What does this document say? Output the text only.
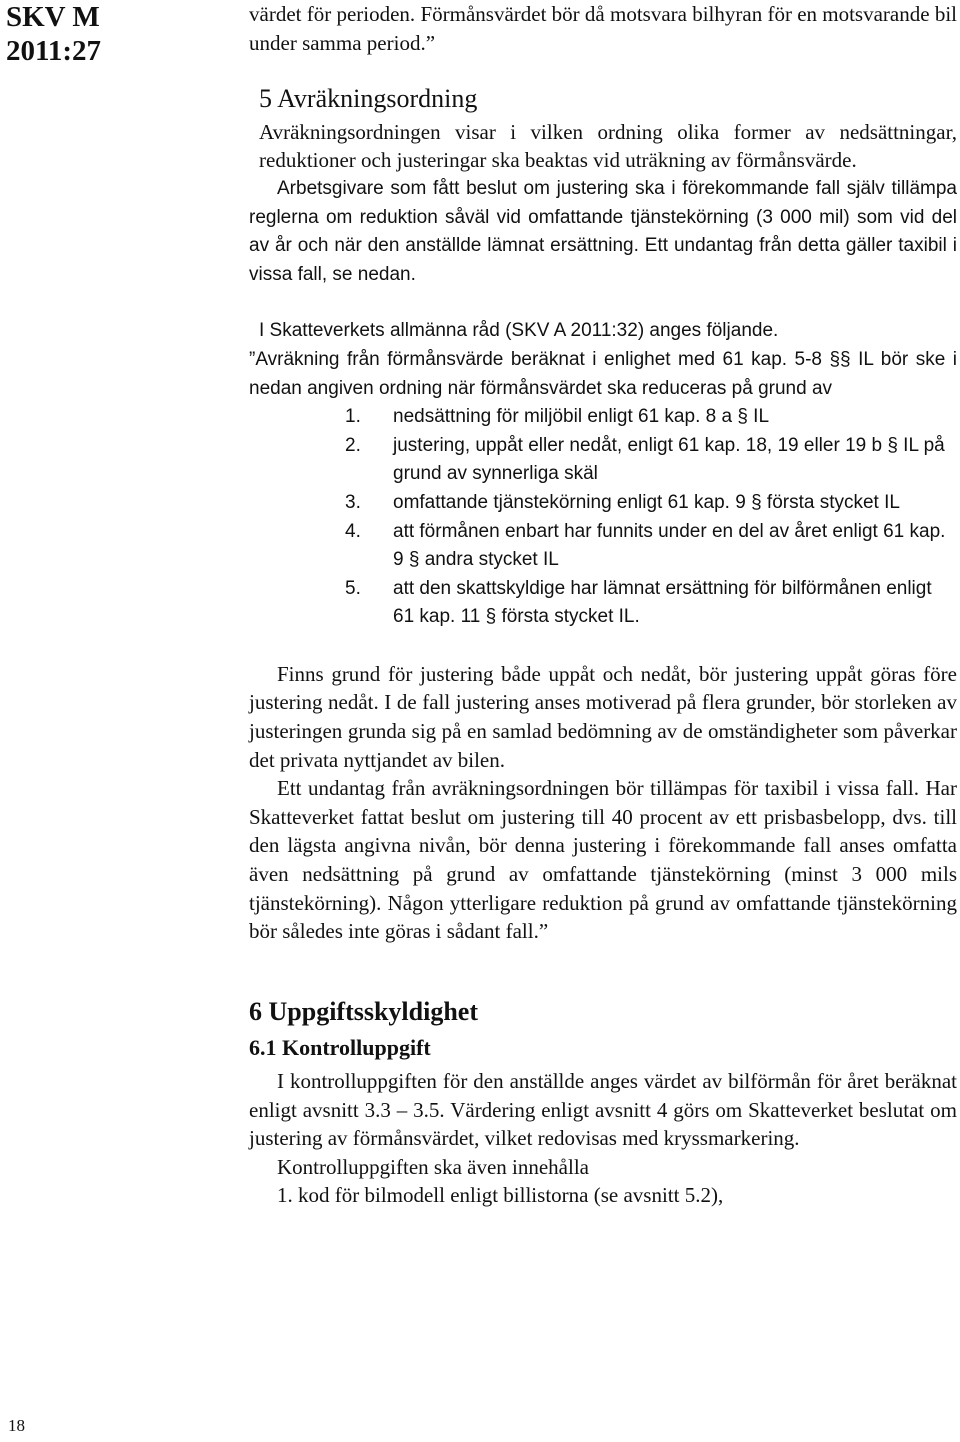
SKV M
2011:27

värdet för perioden. Förmånsvärdet bör då motsvara bilhyran för en motsvarande bil under samma period.”

5 Avräkningsordning

Avräkningsordningen visar i vilken ordning olika former av nedsättningar, reduktioner och justeringar ska beaktas vid uträkning av förmånsvärde.

Arbetsgivare som fått beslut om justering ska i förekommande fall själv tillämpa reglerna om reduktion såväl vid omfattande tjänstekörning (3 000 mil) som vid del av år och när den anställde lämnat ersättning. Ett undantag från detta gäller taxibil i vissa fall, se nedan.

I Skatteverkets allmänna råd (SKV A 2011:32) anges följande.

”Avräkning från förmånsvärde beräknat i enlighet med 61 kap. 5-8 §§ IL bör ske i nedan angiven ordning när förmånsvärdet ska reduceras på grund av

1.	nedsättning för miljöbil enligt 61 kap. 8 a § IL
2.	justering, uppåt eller nedåt, enligt 61 kap. 18, 19 eller 19 b § IL på grund av synnerliga skäl
3.	omfattande tjänstekörning enligt 61 kap. 9 § första stycket IL
4.	att förmånen enbart har funnits under en del av året enligt 61 kap. 9 § andra stycket IL
5.	att den skattskyldige har lämnat ersättning för bilförmånen enligt 61 kap. 11 § första stycket IL.

Finns grund för justering både uppåt och nedåt, bör justering uppåt göras före justering nedåt. I de fall justering anses motiverad på flera grunder, bör storleken av justeringen grunda sig på en samlad bedömning av de omständigheter som påverkar det privata nyttjandet av bilen.

Ett undantag från avräkningsordningen bör tillämpas för taxibil i vissa fall. Har Skatteverket fattat beslut om justering till 40 procent av ett prisbasbelopp, dvs. till den lägsta angivna nivån, bör denna justering i förekommande fall anses omfatta även nedsättning på grund av omfattande tjänstekörning (minst 3 000 mils tjänstekörning). Någon ytterligare reduktion på grund av omfattande tjänstekörning bör således inte göras i sådant fall.”

6 Uppgiftsskyldighet

6.1 Kontrolluppgift

I kontrolluppgiften för den anställde anges värdet av bilförmån för året beräknat enligt avsnitt 3.3 – 3.5. Värdering enligt avsnitt 4 görs om Skatteverket beslutat om justering av förmånsvärdet, vilket redovisas med kryssmarkering.

Kontrolluppgiften ska även innehålla

1. kod för bilmodell enligt billistorna (se avsnitt 5.2),

18
